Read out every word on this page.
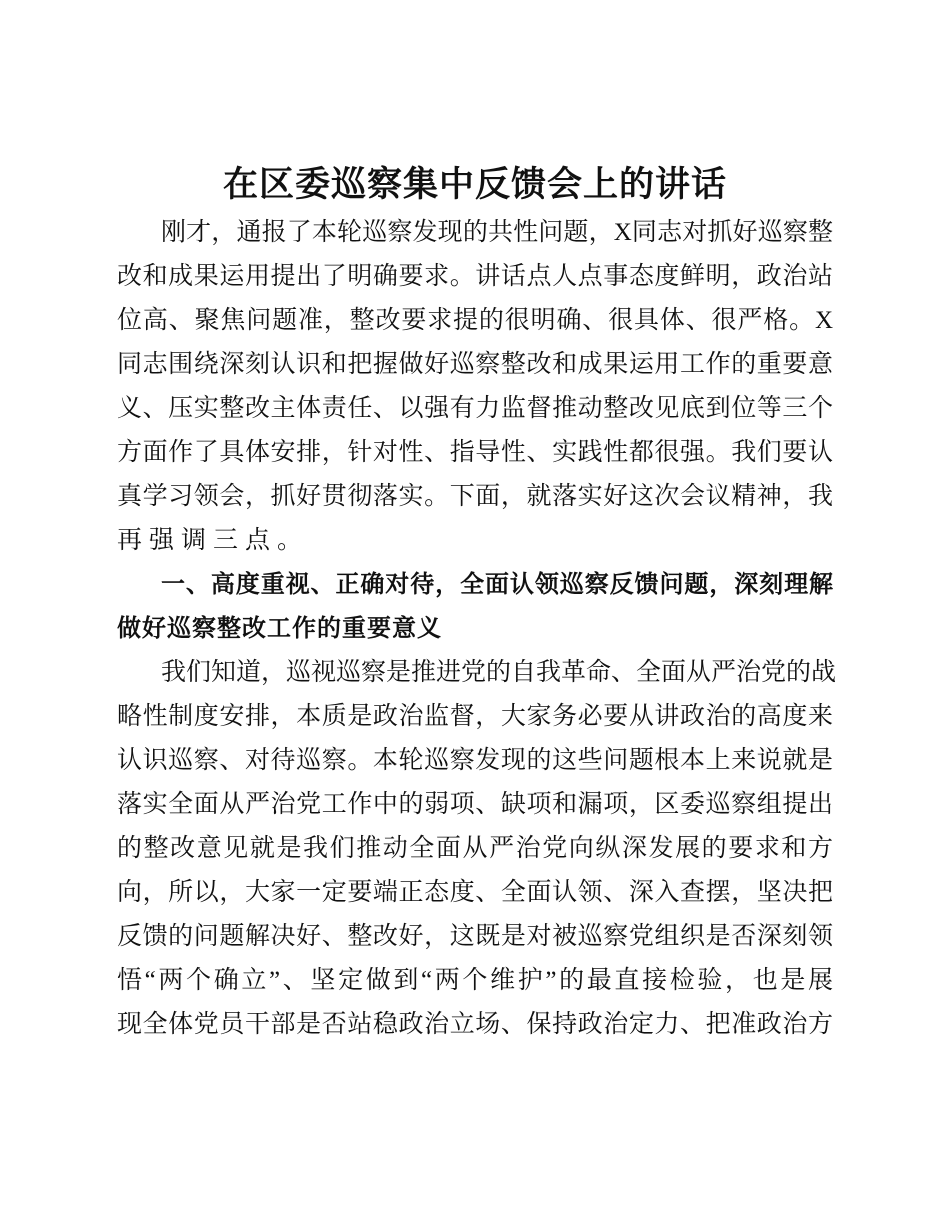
在区委巡察集中反馈会上的讲话
刚才，通报了本轮巡察发现的共性问题，X同志对抓好巡察整
改和成果运用提出了明确要求。讲话点人点事态度鲜明，政治站
位高、聚焦问题准，整改要求提的很明确、很具体、很严格。X
同志围绕深刻认识和把握做好巡察整改和成果运用工作的重要意
义、压实整改主体责任、以强有力监督推动整改见底到位等三个
方面作了具体安排，针对性、指导性、实践性都很强。我们要认
真学习领会，抓好贯彻落实。下面，就落实好这次会议精神，我
再强调三点。
一、高度重视、正确对待，全面认领巡察反馈问题，深刻理解
做好巡察整改工作的重要意义
我们知道，巡视巡察是推进党的自我革命、全面从严治党的战
略性制度安排，本质是政治监督，大家务必要从讲政治的高度来
认识巡察、对待巡察。本轮巡察发现的这些问题根本上来说就是
落实全面从严治党工作中的弱项、缺项和漏项，区委巡察组提出
的整改意见就是我们推动全面从严治党向纵深发展的要求和方
向，所以，大家一定要端正态度、全面认领、深入查摆，坚决把
反馈的问题解决好、整改好，这既是对被巡察党组织是否深刻领
悟“两个确立”、坚定做到“两个维护”的最直接检验，也是展
现全体党员干部是否站稳政治立场、保持政治定力、把准政治方
